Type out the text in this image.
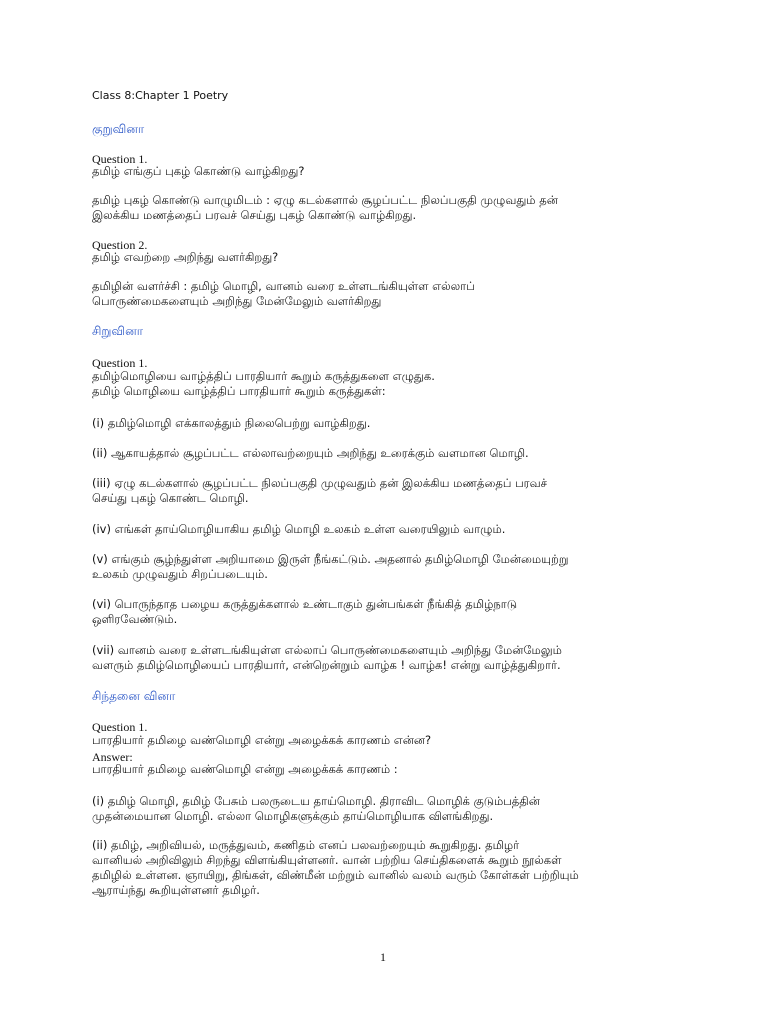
Class 8:Chapter 1 Poetry
குறுவினா
Question 1.
தமிழ் எங்குப் புகழ் கொண்டு வாழ்கிறது?
தமிழ் புகழ் கொண்டு வாழுமிடம் : ஏழு கடல்களால் சூழப்பட்ட நிலப்பகுதி முழுவதும் தன்
இலக்கிய மணத்தைப் பரவச் செய்து புகழ் கொண்டு வாழ்கிறது.
Question 2.
தமிழ் எவற்றை அறிந்து வளர்கிறது?
தமிழின் வளர்ச்சி : தமிழ் மொழி, வானம் வரை உள்ளடங்கியுள்ள எல்லாப்
பொருண்மைகளையும் அறிந்து மேன்மேலும் வளர்கிறது
சிறுவினா
Question 1.
தமிழ்மொழியை வாழ்த்திப் பாரதியார் கூறும் கருத்துகளை எழுதுக.
தமிழ் மொழியை வாழ்த்திப் பாரதியார் கூறும் கருத்துகள்:
(i) தமிழ்மொழி எக்காலத்தும் நிலைபெற்று வாழ்கிறது.
(ii) ஆகாயத்தால் சூழப்பட்ட எல்லாவற்றையும் அறிந்து உரைக்கும் வளமான மொழி.
(iii) ஏழு கடல்களால் சூழப்பட்ட நிலப்பகுதி முழுவதும் தன் இலக்கிய மணத்தைப் பரவச்
செய்து புகழ் கொண்ட மொழி.
(iv) எங்கள் தாய்மொழியாகிய தமிழ் மொழி உலகம் உள்ள வரையிலும் வாழும்.
(v) எங்கும் சூழ்ந்துள்ள அறியாமை இருள் நீங்கட்டும். அதனால் தமிழ்மொழி மேன்மையுற்று
உலகம் முழுவதும் சிறப்படையும்.
(vi) பொருந்தாத பழைய கருத்துக்களால் உண்டாகும் துன்பங்கள் நீங்கித் தமிழ்நாடு
ஒளிரவேண்டும்.
(vii) வானம் வரை உள்ளடங்கியுள்ள எல்லாப் பொருண்மைகளையும் அறிந்து மேன்மேலும்
வளரும் தமிழ்மொழியைப் பாரதியார், என்றென்றும் வாழ்க ! வாழ்க! என்று வாழ்த்துகிறார்.
சிந்தனை வினா
Question 1.
பாரதியார் தமிழை வண்மொழி என்று அழைக்கக் காரணம் என்ன?
Answer:
பாரதியார் தமிழை வண்மொழி என்று அழைக்கக் காரணம் :
(i) தமிழ் மொழி, தமிழ் பேசும் பலருடைய தாய்மொழி. திராவிட மொழிக் குடும்பத்தின்
முதன்மையான மொழி. எல்லா மொழிகளுக்கும் தாய்மொழியாக விளங்கிறது.
(ii) தமிழ், அறிவியல், மருத்துவம், கணிதம் எனப் பலவற்றையும் கூறுகிறது. தமிழர்
வானியல் அறிவிலும் சிறந்து விளங்கியுள்ளனர். வான் பற்றிய செய்திகளைக் கூறும் நூல்கள்
தமிழில் உள்ளன. ஞாயிறு, திங்கள், விண்மீன் மற்றும் வானில் வலம் வரும் கோள்கள் பற்றியும்
ஆராய்ந்து கூறியுள்ளனர் தமிழர்.
1
